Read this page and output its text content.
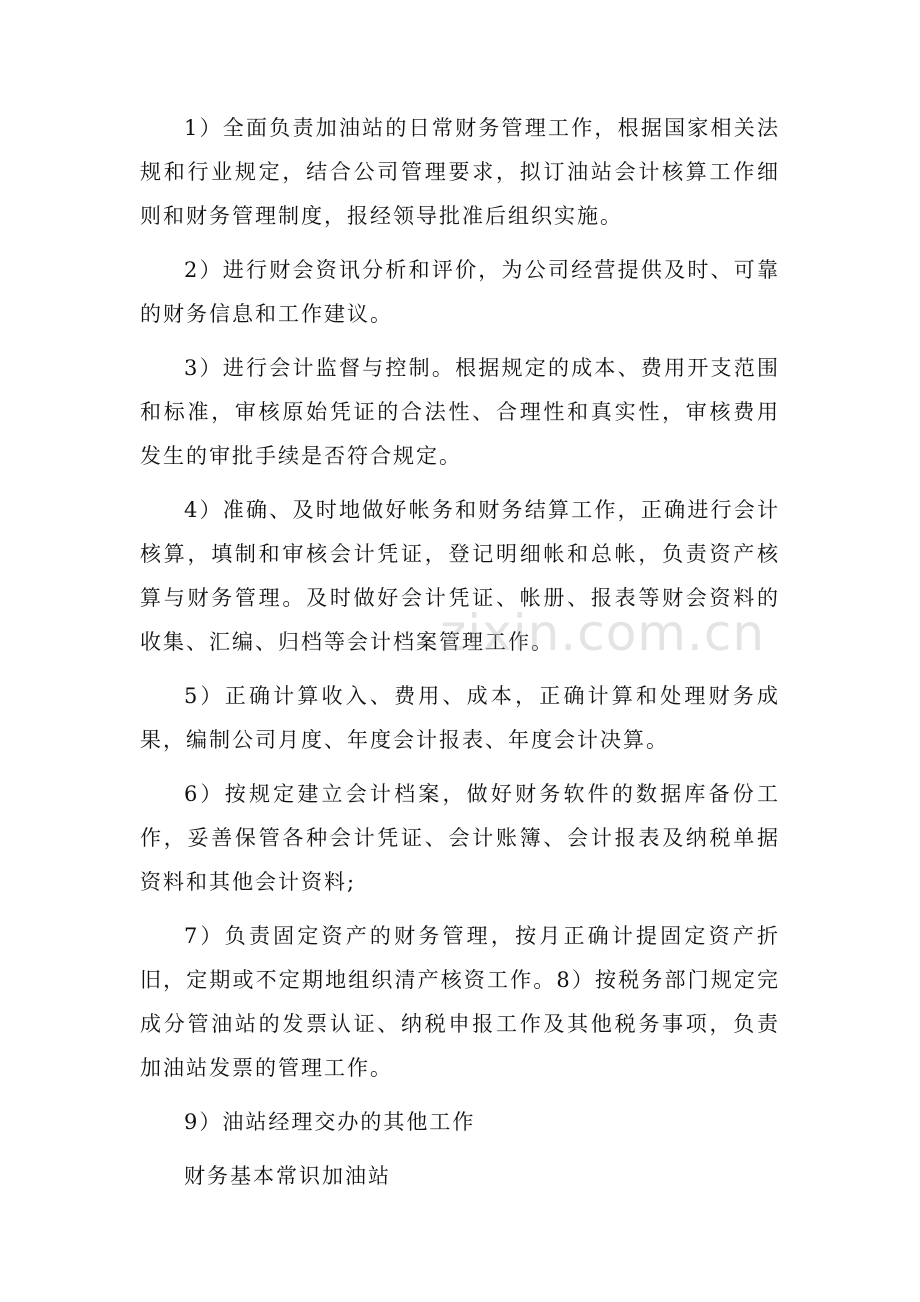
1）全面负责加油站的日常财务管理工作，根据国家相关法规和行业规定，结合公司管理要求，拟订油站会计核算工作细则和财务管理制度，报经领导批准后组织实施。

2）进行财会资讯分析和评价，为公司经营提供及时、可靠的财务信息和工作建议。

3）进行会计监督与控制。根据规定的成本、费用开支范围和标准，审核原始凭证的合法性、合理性和真实性，审核费用发生的审批手续是否符合规定。

4）准确、及时地做好帐务和财务结算工作，正确进行会计核算，填制和审核会计凭证，登记明细帐和总帐，负责资产核算与财务管理。及时做好会计凭证、帐册、报表等财会资料的收集、汇编、归档等会计档案管理工作。

5）正确计算收入、费用、成本，正确计算和处理财务成果，编制公司月度、年度会计报表、年度会计决算。

6）按规定建立会计档案，做好财务软件的数据库备份工作，妥善保管各种会计凭证、会计账簿、会计报表及纳税单据资料和其他会计资料;

7）负责固定资产的财务管理，按月正确计提固定资产折旧，定期或不定期地组织清产核资工作。8）按税务部门规定完成分管油站的发票认证、纳税申报工作及其他税务事项，负责加油站发票的管理工作。

9）油站经理交办的其他工作

财务基本常识加油站

zixin.com.cn
